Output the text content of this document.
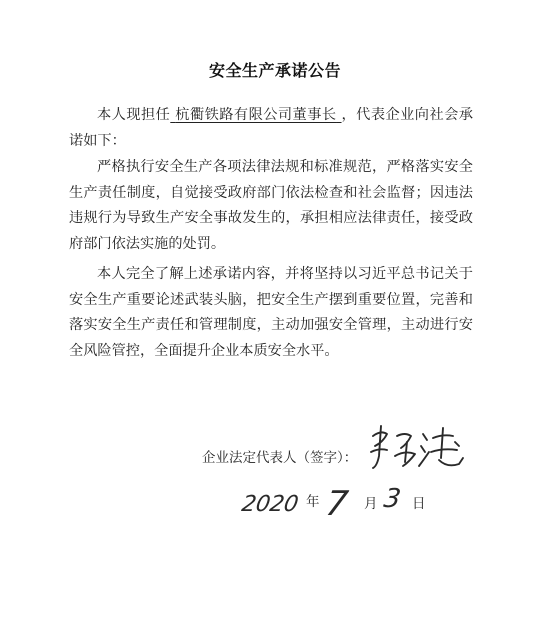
安全生产承诺公告
本人现担任 杭衢铁路有限公司董事长 ，代表企业向社会承诺如下：
严格执行安全生产各项法律法规和标准规范，严格落实安全生产责任制度，自觉接受政府部门依法检查和社会监督；因违法违规行为导致生产安全事故发生的，承担相应法律责任，接受政府部门依法实施的处罚。
本人完全了解上述承诺内容，并将坚持以习近平总书记关于安全生产重要论述武装头脑，把安全生产摆到重要位置，完善和落实安全生产责任和管理制度，主动加强安全管理，主动进行安全风险管控，全面提升企业本质安全水平。
企业法定代表人（签字）：
2020 年 7 月 3 日
